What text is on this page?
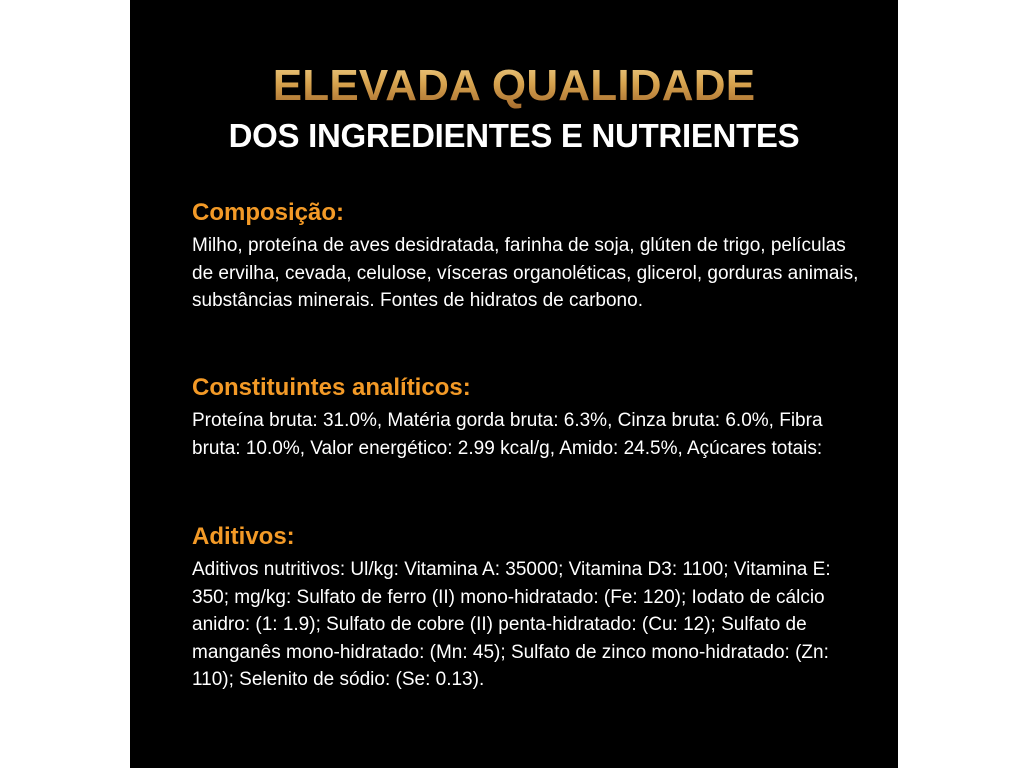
ELEVADA QUALIDADE
DOS INGREDIENTES E NUTRIENTES
Composição:

Milho, proteína de aves desidratada, farinha de soja, glúten de trigo, películas de ervilha, cevada, celulose, vísceras organoléticas, glicerol, gorduras animais, substâncias minerais. Fontes de hidratos de carbono.

Constituintes analíticos:

Proteína bruta: 31.0%, Matéria gorda bruta: 6.3%, Cinza bruta: 6.0%, Fibra bruta: 10.0%, Valor energético: 2.99 kcal/g, Amido: 24.5%, Açúcares totais:

Aditivos:

Aditivos nutritivos: Ul/kg: Vitamina A: 35000; Vitamina D3: 1100; Vitamina E: 350; mg/kg: Sulfato de ferro (II) mono-hidratado: (Fe: 120); Iodato de cálcio anidro: (1: 1.9); Sulfato de cobre (II) penta-hidratado: (Cu: 12); Sulfato de manganês mono-hidratado: (Mn: 45); Sulfato de zinco mono-hidratado: (Zn: 110); Selenito de sódio: (Se: 0.13).
